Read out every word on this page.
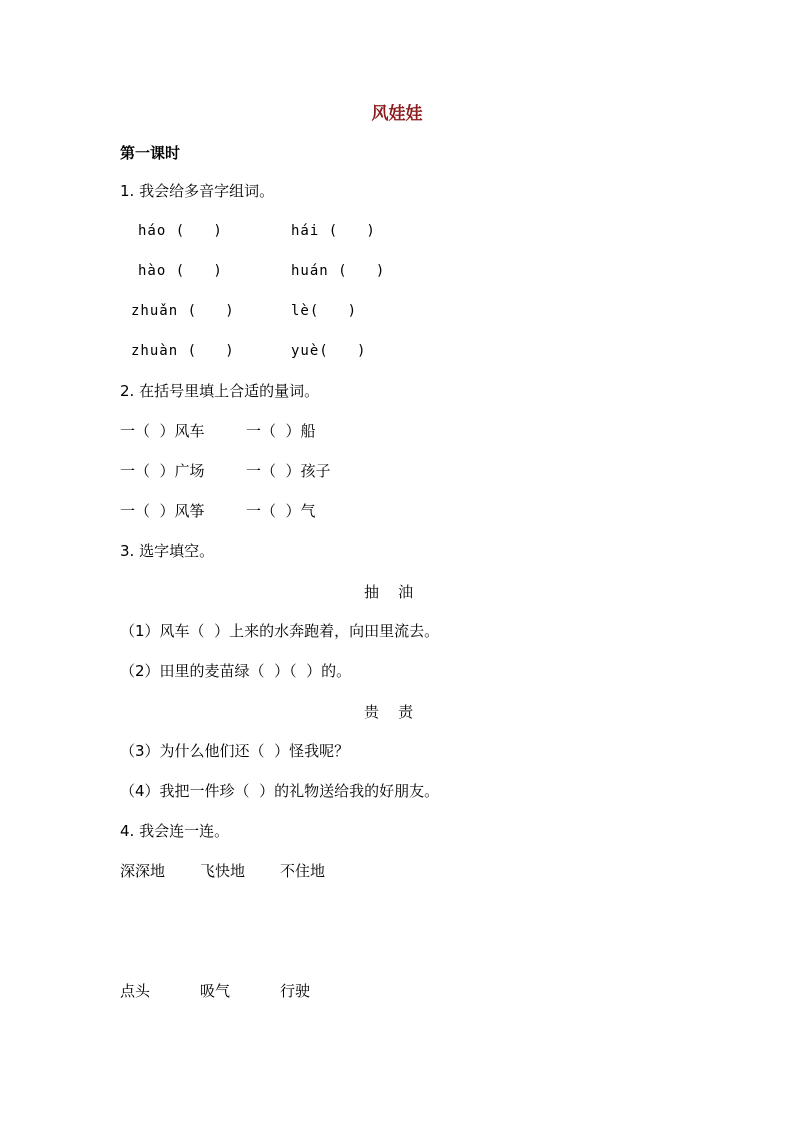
风娃娃
第一课时
1. 我会给多音字组词。
háo (   )	hái (   )
hào (   )	huán (   )
zhuǎn (   )	lè(   )
zhuàn (   )	yuè(   )
2. 在括号里填上合适的量词。
一（  ）风车	一（  ）船
一（  ）广场	一（  ）孩子
一（  ）风筝	一（  ）气
3. 选字填空。
抽    油
（1）风车（  ）上来的水奔跑着，向田里流去。
（2）田里的麦苗绿（  ）（  ）的。
贵    责
（3）为什么他们还（  ）怪我呢？
（4）我把一件珍（  ）的礼物送给我的好朋友。
4. 我会连一连。
深深地 飞快地 不住地
点头	吸气	行驶
